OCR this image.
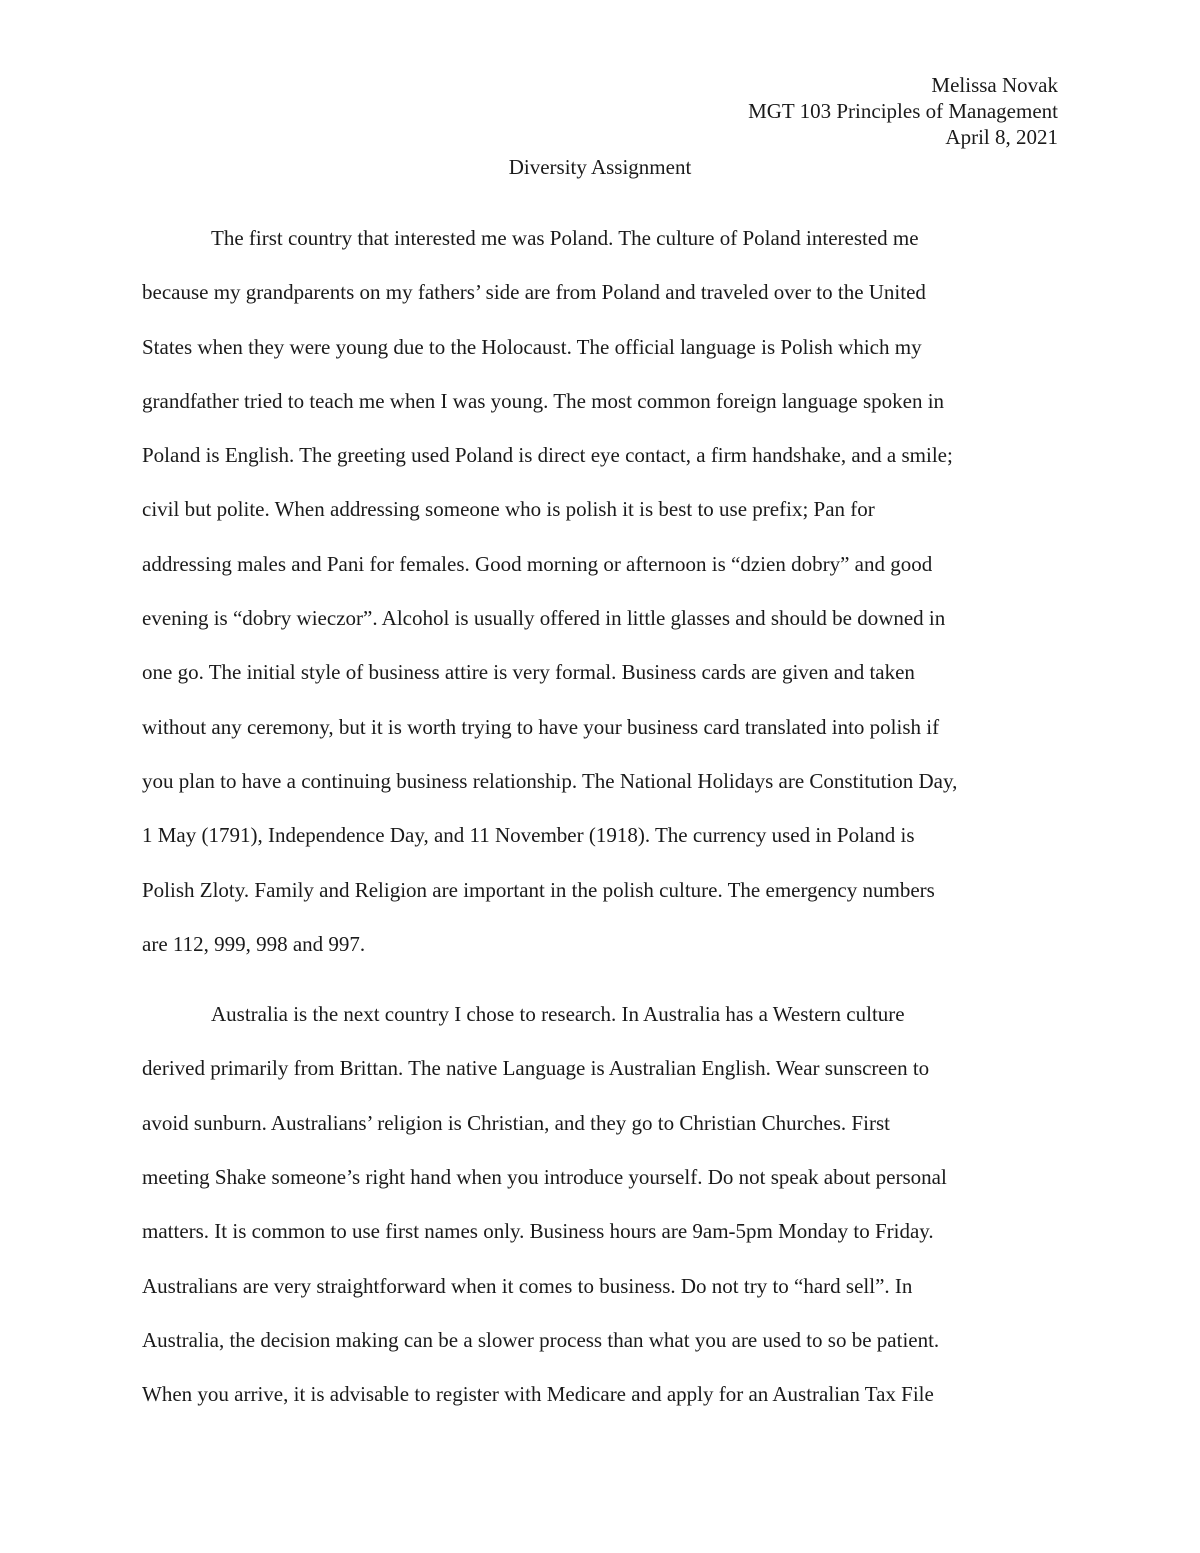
Melissa Novak
MGT 103 Principles of Management
April 8, 2021
Diversity Assignment
The first country that interested me was Poland. The culture of Poland interested me
because my grandparents on my fathers’ side are from Poland and traveled over to the United
States when they were young due to the Holocaust. The official language is Polish which my
grandfather tried to teach me when I was young. The most common foreign language spoken in
Poland is English. The greeting used Poland is direct eye contact, a firm handshake, and a smile;
civil but polite. When addressing someone who is polish it is best to use prefix; Pan for
addressing males and Pani for females. Good morning or afternoon is “dzien dobry” and good
evening is “dobry wieczor”. Alcohol is usually offered in little glasses and should be downed in
one go. The initial style of business attire is very formal. Business cards are given and taken
without any ceremony, but it is worth trying to have your business card translated into polish if
you plan to have a continuing business relationship. The National Holidays are Constitution Day,
1 May (1791), Independence Day, and 11 November (1918). The currency used in Poland is
Polish Zloty. Family and Religion are important in the polish culture. The emergency numbers
are 112, 999, 998 and 997.
Australia is the next country I chose to research. In Australia has a Western culture
derived primarily from Brittan. The native Language is Australian English. Wear sunscreen to
avoid sunburn. Australians’ religion is Christian, and they go to Christian Churches. First
meeting Shake someone’s right hand when you introduce yourself. Do not speak about personal
matters. It is common to use first names only. Business hours are 9am-5pm Monday to Friday.
Australians are very straightforward when it comes to business. Do not try to “hard sell”. In
Australia, the decision making can be a slower process than what you are used to so be patient.
When you arrive, it is advisable to register with Medicare and apply for an Australian Tax File
